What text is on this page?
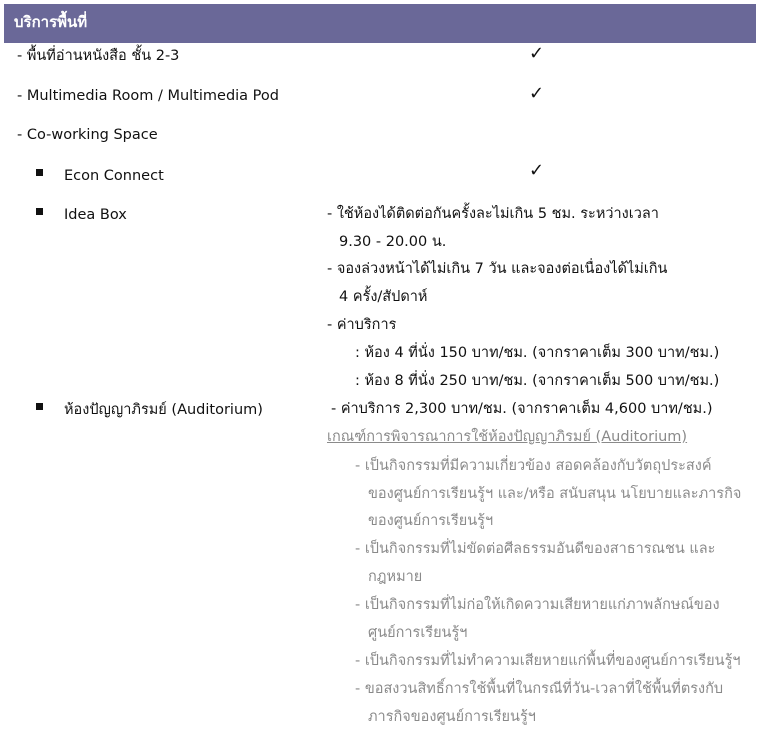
บริการพื้นที่
- พื้นที่อ่านหนังสือ ชั้น 2-3
- Multimedia Room / Multimedia Pod
- Co-working Space
Econ Connect
Idea Box
ห้องปัญญาภิรมย์ (Auditorium)
✓
✓
✓
- ใช้ห้องได้ติดต่อกันครั้งละไม่เกิน 5 ชม. ระหว่างเวลา
9.30 - 20.00 น.
- จองล่วงหน้าได้ไม่เกิน 7 วัน และจองต่อเนื่องได้ไม่เกิน
4 ครั้ง/สัปดาห์
- ค่าบริการ
: ห้อง 4 ที่นั่ง 150 บาท/ชม. (จากราคาเต็ม 300 บาท/ชม.)
: ห้อง 8 ที่นั่ง 250 บาท/ชม. (จากราคาเต็ม 500 บาท/ชม.)
- ค่าบริการ 2,300 บาท/ชม. (จากราคาเต็ม 4,600 บาท/ชม.)
เกณฑ์การพิจารณาการใช้ห้องปัญญาภิรมย์ (Auditorium)
- เป็นกิจกรรมที่มีความเกี่ยวข้อง สอดคล้องกับวัตถุประสงค์
ของศูนย์การเรียนรู้ฯ และ/หรือ สนับสนุน นโยบายและภารกิจ
ของศูนย์การเรียนรู้ฯ
- เป็นกิจกรรมที่ไม่ขัดต่อศีลธรรมอันดีของสาธารณชน และ
กฎหมาย
- เป็นกิจกรรมที่ไม่ก่อให้เกิดความเสียหายแก่ภาพลักษณ์ของ
ศูนย์การเรียนรู้ฯ
- เป็นกิจกรรมที่ไม่ทำความเสียหายแก่พื้นที่ของศูนย์การเรียนรู้ฯ
- ขอสงวนสิทธิ์การใช้พื้นที่ในกรณีที่วัน-เวลาที่ใช้พื้นที่ตรงกับ
ภารกิจของศูนย์การเรียนรู้ฯ
